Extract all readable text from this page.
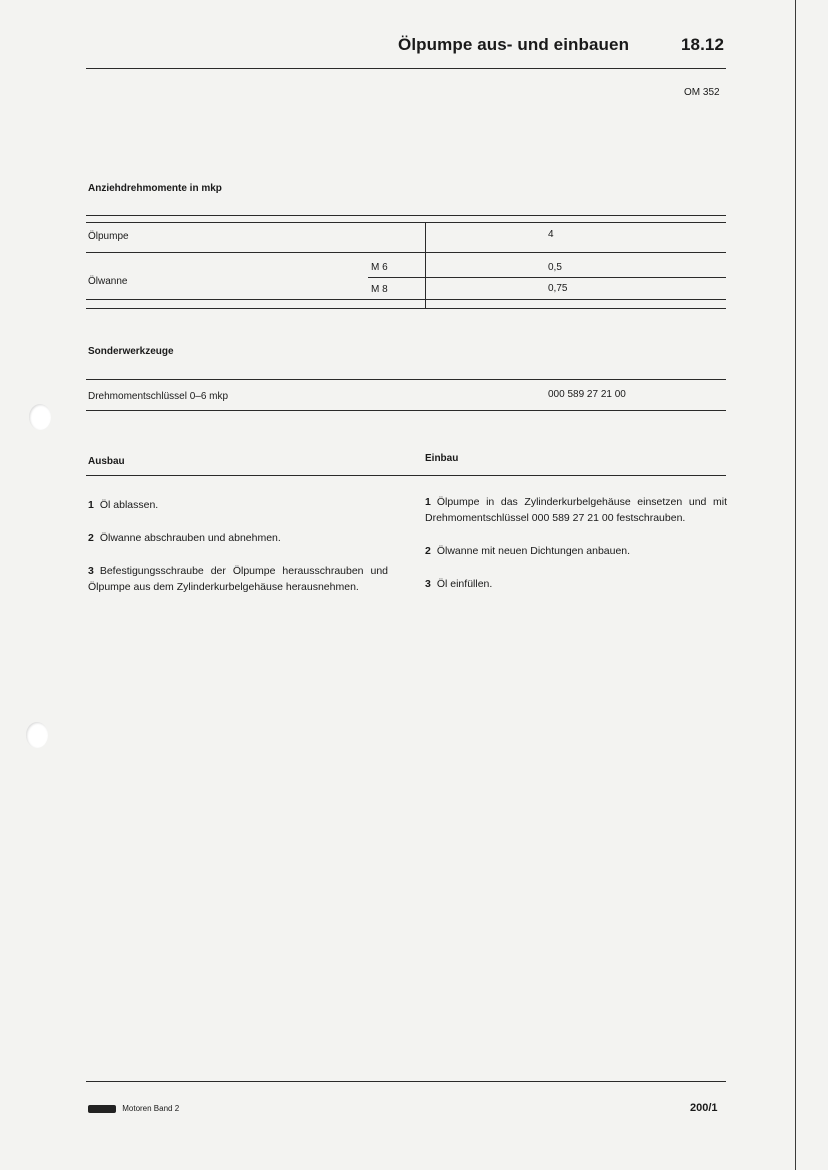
Ölpumpe aus- und einbauen	18.12
OM 352
Anziehdrehmomente in mkp
Ölpumpe	4
Ölwanne
M 6	0,5
M 8	0,75
Sonderwerkzeuge
Drehmomentschlüssel 0–6 mkp	000 589 27 21 00
Ausbau	Einbau
1 Öl ablassen.
2 Ölwanne abschrauben und abnehmen.
3 Befestigungsschraube der Ölpumpe herausschrauben und Ölpumpe aus dem Zylinderkurbelgehäuse herausnehmen.
1 Ölpumpe in das Zylinderkurbelgehäuse einsetzen und mit Drehmomentschlüssel 000 589 27 21 00 festschrauben.
2 Ölwanne mit neuen Dichtungen anbauen.
3 Öl einfüllen.
Motoren Band 2	200/1
